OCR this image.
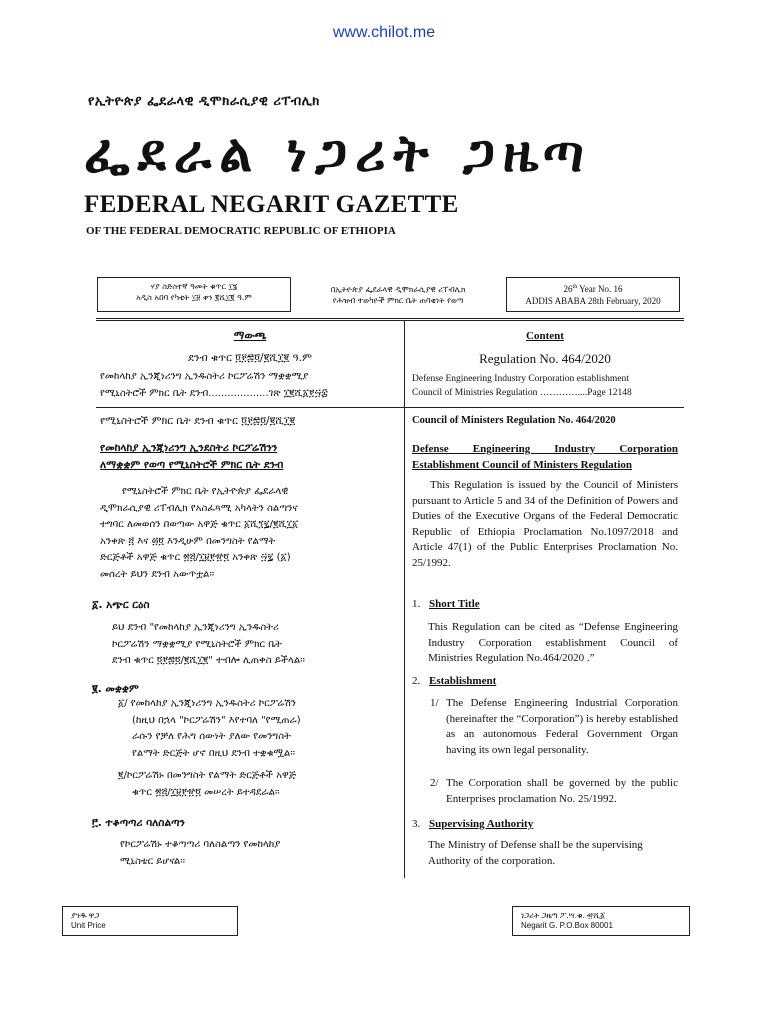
www.chilot.me
የኢትዮጵያ ፌደራላዊ ዲሞክራሲያዊ ሪፐብሊክ
ፌደራል ነጋሪት ጋዜጣ
FEDERAL NEGARIT GAZETTE
OF THE FEDERAL DEMOCRATIC REPUBLIC OF ETHIOPIA
ሃያ ስድስተኛ ዓመት ቁጥር ፲፮
አዲስ አበባ የካቲት ፲፱ ቀን ፪ሺ፲፪ ዓ.ም
በኢትዮጵያ ፌደራላዊ ዲሞክራሲያዊ ሪፐብሊክ
የሕዝብ ተወካዮች ምክር ቤት ጠባቂነት የወጣ
26th Year No. 16
ADDIS ABABA 28th February, 2020
ማውጫ
ደንብ ቁጥር ፬፻፷፬/፪ሺ፲፪ ዓ.ም
የመከላከያ ኢንጂነሪንግ ኢንዱስትሪ ኮርፖሬሽን ማቋቋሚያ
የሚኒስትሮች ምክር ቤት ደንብ...................ገጽ ፲፪ሺ፩፻፵፰
Content
Regulation No. 464/2020
Defense Engineering Industry Corporation establishment
Council of Ministries Regulation …………....Page 12148
የሚኒስትሮች ምክር ቤት ደንብ ቁጥር ፬፻፷፬/፪ሺ፲፪
የመከላከያ ኢንጂነሪንግ ኢንደስትሪ ኮርፖሬሽንን
ለማቋቋም የወጣ የሚኒስትሮች ምክር ቤት ደንብ
የሚኒስትሮች ምክር ቤት የኢትዮጵያ ፌደራላዊ
ዲሞክራሲያዊ ሪፐብሊክ የአስፈጻሚ አካላትን ስልጣንና
ተግባር ለመወሰን በወጣው አዋጅ ቁጥር ፩ሺ፺፯/፪ሺ፲፩
አንቀጽ ፭ እና ፴፬ እንዲሁም በመንግስት የልማት
ድርጅቶች አዋጅ ቁጥር ፳፭/፲፱፻፹፬ አንቀጽ ፵፯ (፩)
መሰረት ይህን ደንብ አውጥቷል፡፡
፩. አጭር ርዕስ
ይህ ደንብ "የመከላከያ ኢንጂነሪንግ ኢንዱስትሪ
ኮርፖሬሽን ማቋቋሚያ የሚኒስትሮች ምክር ቤት
ደንብ ቁጥር ፬፻፷፬/፪ሺ፲፪" ተብሎ ሊጠቀስ ይችላል፡፡
፪. መቋቋም
፩/ የመከላከያ ኢንጂነሪንግ ኢንዱስትሪ ኮርፖሬሽን
(ከዚህ በኋላ "ኮርፖሬሽን" እየተባለ "የሚጠራ)
ራሱን የቻለ የሕግ ሰውነት ያለው የመንግስት
የልማት ድርጅት ሆኖ በዚህ ደንብ ተቋቁሟል፡፡
፪/ኮርፖሬሽኑ በመንግስት የልማት ድርጅቶች አዋጅ
ቁጥር ፳፭/፲፱፻፹፬ መሠረት ይተዳደራል፡፡
፫. ተቆጣጣሪ ባለስልጣን
የኮርፖሬሽኑ ተቆጣጣሪ ባለስልጣን የመከላከያ
ሚኒስቴር ይሆናል፡፡
Council of Ministers Regulation No. 464/2020
Defense Engineering Industry Corporation
Establishment Council of Ministers Regulation
This Regulation is issued by the Council of Ministers pursuant to Article 5 and 34 of the Definition of Powers and Duties of the Executive Organs of the Federal Democratic Republic of Ethiopia Proclamation No.1097/2018 and Article 47(1) of the Public Enterprises Proclamation No. 25/1992.
1. Short Title
This Regulation can be cited as “Defense Engineering Industry Corporation establishment Council of Ministries Regulation No.464/2020 .”
2. Establishment
1/ The Defense Engineering Industrial Corporation (hereinafter the “Corporation”) is hereby established as an autonomous Federal Government Organ having its own legal personality.
2/ The Corporation shall be governed by the public Enterprises proclamation No. 25/1992.
3. Supervising Authority
The Ministry of Defense shall be the supervising Authority of the corporation.
ያንዱ ዋጋ
Unit Price
ነጋሪት ጋዜጣ ፖ.ሣ.ቁ. ፹ሺ፩
Negarit G. P.O.Box 80001
